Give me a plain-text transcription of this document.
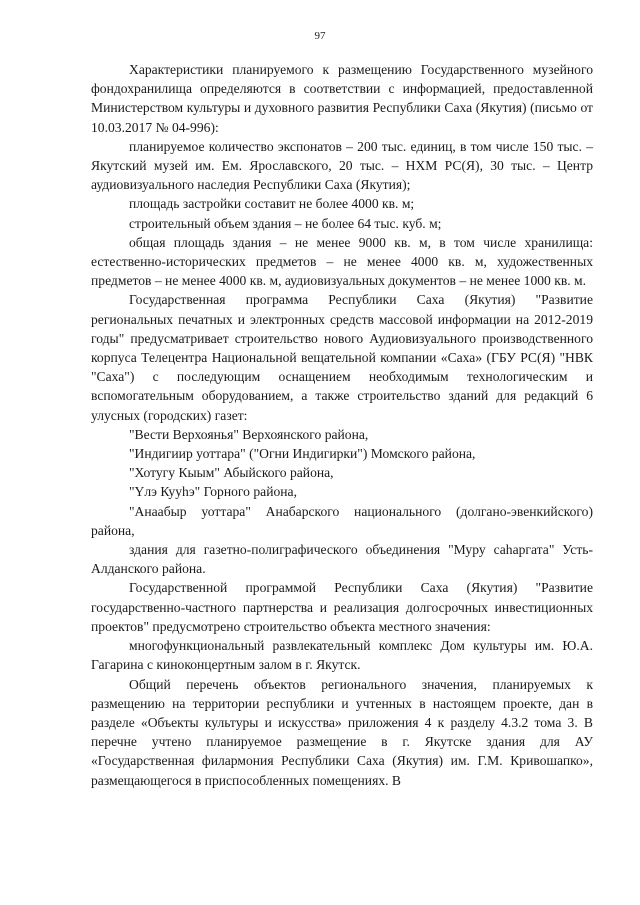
97

Характеристики планируемого к размещению Государственного музейного фондохранилища определяются в соответствии с информацией, предоставленной Министерством культуры и духовного развития Республики Саха (Якутия) (письмо от 10.03.2017 № 04-996):

планируемое количество экспонатов – 200 тыс. единиц, в том числе 150 тыс. – Якутский музей им. Ем. Ярославского, 20 тыс. – НХМ РС(Я), 30 тыс. – Центр аудиовизуального наследия Республики Саха (Якутия);

площадь застройки составит не более 4000 кв. м;

строительный объем здания – не более 64 тыс. куб. м;

общая площадь здания – не менее 9000 кв. м, в том числе хранилища: естественно-исторических предметов – не менее 4000 кв. м, художественных предметов – не менее 4000 кв. м, аудиовизуальных документов – не менее 1000 кв. м.

Государственная программа Республики Саха (Якутия) "Развитие региональных печатных и электронных средств массовой информации на 2012-2019 годы" предусматривает строительство нового Аудиовизуального производственного корпуса Телецентра Национальной вещательной компании «Саха» (ГБУ РС(Я) "НВК "Саха") с последующим оснащением необходимым технологическим и вспомогательным оборудованием, а также строительство зданий для редакций 6 улусных (городских) газет:

"Вести Верхоянья" Верхоянского района,

"Индигиир уоттара" ("Огни Индигирки") Момского района,

"Хотугу Кыым" Абыйского района,

"Үлэ Кууhэ" Горного района,

"Анаабыр уоттара" Анабарского национального (долгано-эвенкийского) района,

здания для газетно-полиграфического объединения "Муру саhаргата" Усть-Алданского района.

Государственной программой Республики Саха (Якутия) "Развитие государственно-частного партнерства и реализация долгосрочных инвестиционных проектов" предусмотрено строительство объекта местного значения:

многофункциональный развлекательный комплекс Дом культуры им. Ю.А. Гагарина с киноконцертным залом в г. Якутск.

Общий перечень объектов регионального значения, планируемых к размещению на территории республики и учтенных в настоящем проекте, дан в разделе «Объекты культуры и искусства» приложения 4 к разделу 4.3.2 тома 3. В перечне учтено планируемое размещение в г. Якутске здания для АУ «Государственная филармония Республики Саха (Якутия) им. Г.М. Кривошапко», размещающегося в приспособленных помещениях. В
